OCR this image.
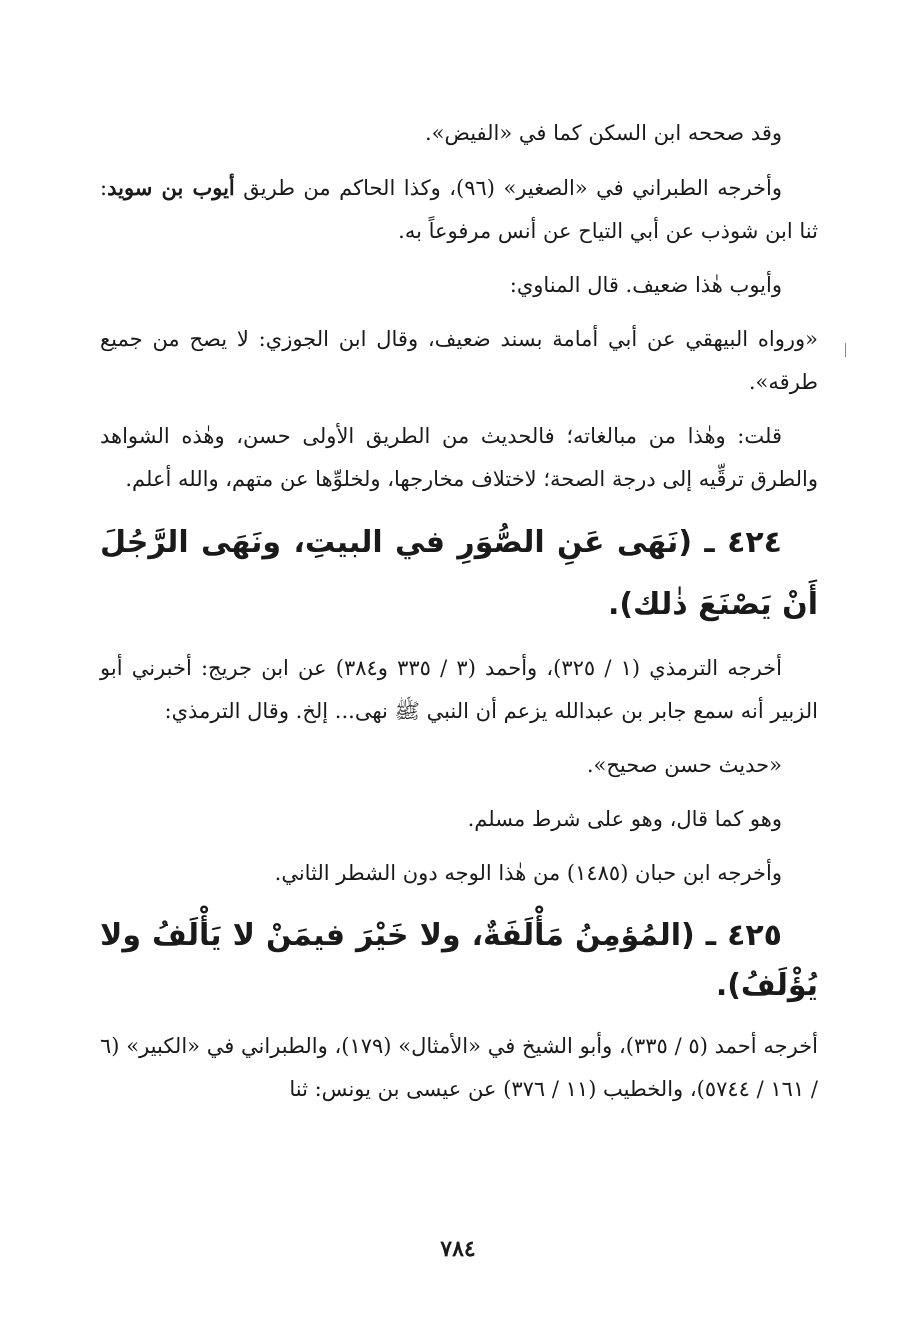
وقد صححه ابن السكن كما في «الفيض».

وأخرجه الطبراني في «الصغير» (٩٦)، وكذا الحاكم من طريق أيوب بن سويد: ثنا ابن شوذب عن أبي التياح عن أنس مرفوعاً به.

وأيوب هٰذا ضعيف. قال المناوي:

«ورواه البيهقي عن أبي أمامة بسند ضعيف، وقال ابن الجوزي: لا يصح من جميع طرقه».

قلت: وهٰذا من مبالغاته؛ فالحديث من الطريق الأولى حسن، وهٰذه الشواهد والطرق ترقِّيه إلى درجة الصحة؛ لاختلاف مخارجها، ولخلوِّها عن متهم، والله أعلم.

٤٢٤ ـ (نَهَى عَنِ الصُّوَرِ في البيتِ، ونَهَى الرَّجُلَ أَنْ يَصْنَعَ ذٰلك).

أخرجه الترمذي (١ / ٣٢٥)، وأحمد (٣ / ٣٣٥ و٣٨٤) عن ابن جريج: أخبرني أبو الزبير أنه سمع جابر بن عبدالله يزعم أن النبي ﷺ نهى... إلخ. وقال الترمذي:

«حديث حسن صحيح».

وهو كما قال، وهو على شرط مسلم.

وأخرجه ابن حبان (١٤٨٥) من هٰذا الوجه دون الشطر الثاني.

٤٢٥ ـ (المُؤمِنُ مَأْلَفَةٌ، ولا خَيْرَ فيمَنْ لا يَأْلَفُ ولا يُؤْلَفُ).

أخرجه أحمد (٥ / ٣٣٥)، وأبو الشيخ في «الأمثال» (١٧٩)، والطبراني في «الكبير» (٦ / ١٦١ / ٥٧٤٤)، والخطيب (١١ / ٣٧٦) عن عيسى بن يونس: ثنا

٧٨٤
